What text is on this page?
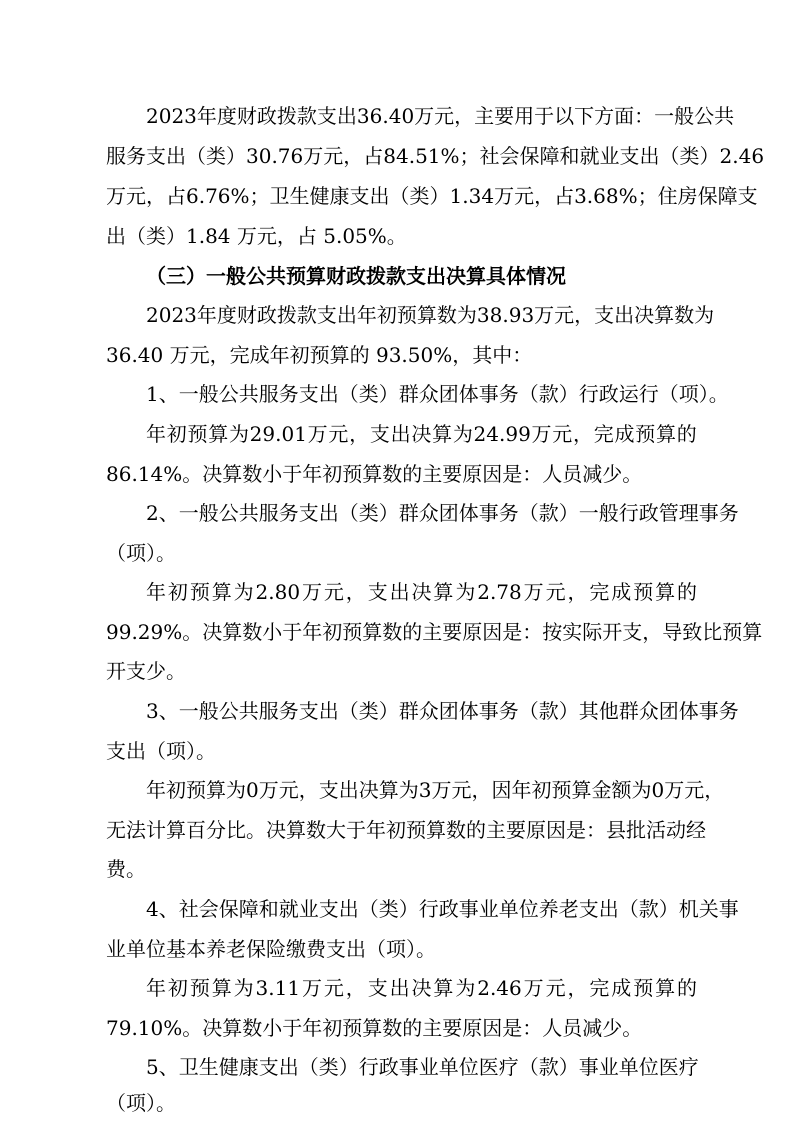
2023 年 度 财 政 拨 款 支 出 36.40 万 元 ， 主 要 用 于 以 下 方 面 ： 一 般 公 共
服 务 支 出 （ 类 ） 30.76 万 元 ， 占 84.51% ； 社 会 保 障 和 就 业 支 出 （ 类 ） 2.46
万 元 ， 占 6.76% ； 卫 生 健 康 支 出 （ 类 ） 1.34 万 元 ， 占 3.68% ； 住 房 保 障 支
出（类）1.84 万元，占 5.05%。
（三）一般公共预算财政拨款支出决算具体情况
2023 年 度 财 政 拨 款 支 出 年 初 预 算 数 为 38.93 万 元 ， 支 出 决 算 数 为
36.40 万元，完成年初预算的 93.50%，其中：
1、一般公共服务支出（类）群众团体事务（款）行政运行（项）。
年 初 预 算 为 29.01 万 元 ， 支 出 决 算 为 24.99 万 元 ， 完 成 预 算 的
86.14%。决算数小于年初预算数的主要原因是：人员减少。
2 、 一 般 公 共 服 务 支 出 （ 类 ） 群 众 团 体 事 务 （ 款 ） 一 般 行 政 管 理 事 务
（项）。
年 初 预 算 为 2.80 万 元 ， 支 出 决 算 为 2.78 万 元 ， 完 成 预 算 的
99.29% 。 决 算 数 小 于 年 初 预 算 数 的 主 要 原 因 是 ： 按 实 际 开 支 ， 导 致 比 预 算
开支少。
3 、 一 般 公 共 服 务 支 出 （ 类 ） 群 众 团 体 事 务 （ 款 ） 其 他 群 众 团 体 事 务
支出（项）。
年 初 预 算 为 0 万 元 ， 支 出 决 算 为 3 万 元 ， 因 年 初 预 算 金 额 为 0 万 元 ，
无 法 计 算 百 分 比 。 决 算 数 大 于 年 初 预 算 数 的 主 要 原 因 是 ： 县 批 活 动 经
费。
4 、 社 会 保 障 和 就 业 支 出 （ 类 ） 行 政 事 业 单 位 养 老 支 出 （ 款 ） 机 关 事
业单位基本养老保险缴费支出（项）。
年 初 预 算 为 3.11 万 元 ， 支 出 决 算 为 2.46 万 元 ， 完 成 预 算 的
79.10%。决算数小于年初预算数的主要原因是：人员减少。
5 、 卫 生 健 康 支 出 （ 类 ） 行 政 事 业 单 位 医 疗 （ 款 ） 事 业 单 位 医 疗
（项）。
